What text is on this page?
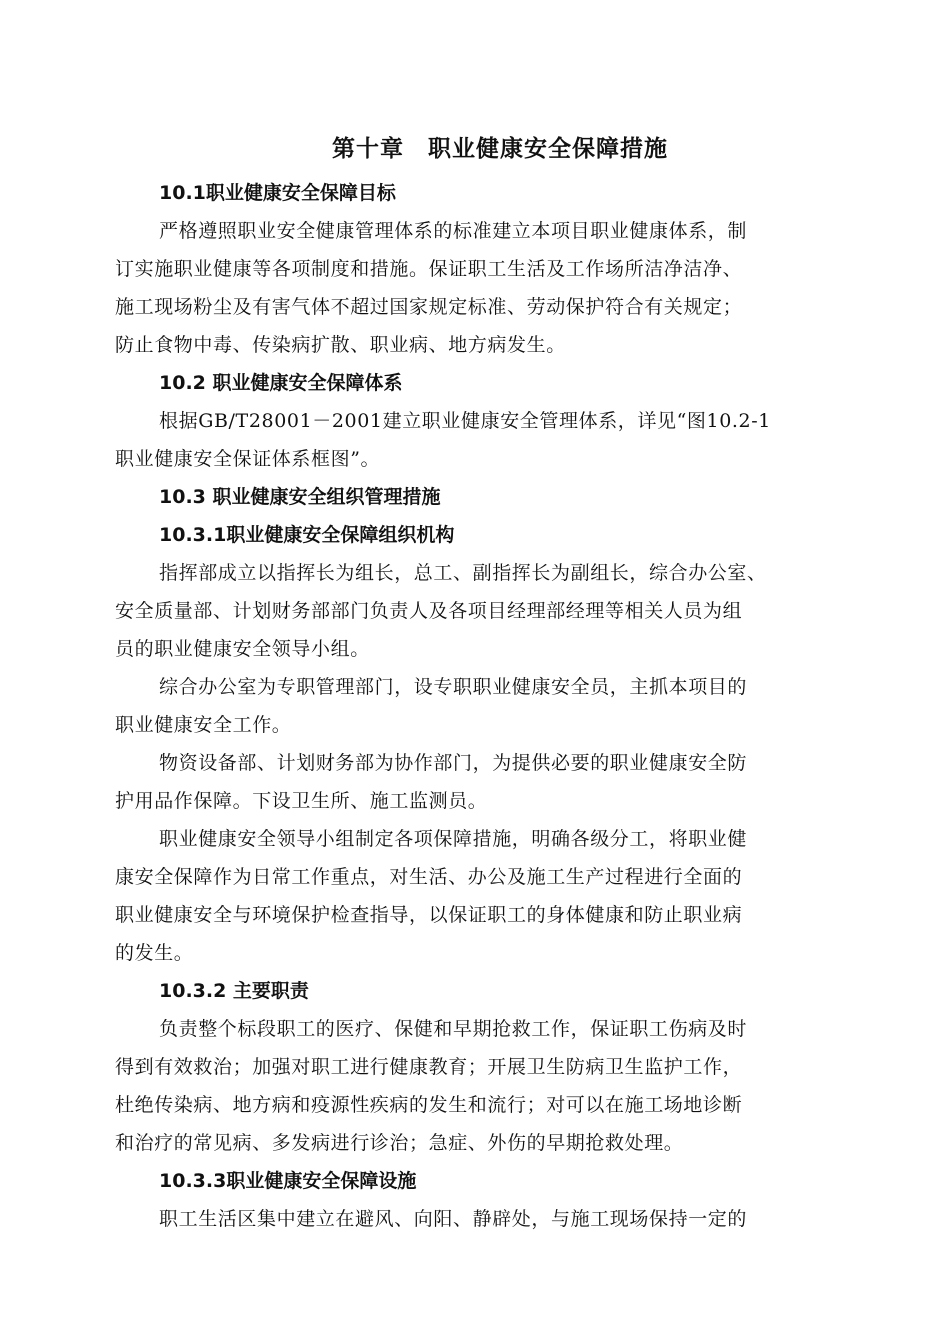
第十章　职业健康安全保障措施
10.1职业健康安全保障目标
严格遵照职业安全健康管理体系的标准建立本项目职业健康体系，制
订实施职业健康等各项制度和措施。保证职工生活及工作场所洁净洁净、
施工现场粉尘及有害气体不超过国家规定标准、劳动保护符合有关规定；
防止食物中毒、传染病扩散、职业病、地方病发生。
10.2 职业健康安全保障体系
根据GB/T28001－2001建立职业健康安全管理体系，详见“图10.2-1
职业健康安全保证体系框图”。
10.3 职业健康安全组织管理措施
10.3.1职业健康安全保障组织机构
指挥部成立以指挥长为组长，总工、副指挥长为副组长，综合办公室、
安全质量部、计划财务部部门负责人及各项目经理部经理等相关人员为组
员的职业健康安全领导小组。
综合办公室为专职管理部门，设专职职业健康安全员，主抓本项目的
职业健康安全工作。
物资设备部、计划财务部为协作部门，为提供必要的职业健康安全防
护用品作保障。下设卫生所、施工监测员。
职业健康安全领导小组制定各项保障措施，明确各级分工，将职业健
康安全保障作为日常工作重点，对生活、办公及施工生产过程进行全面的
职业健康安全与环境保护检查指导，以保证职工的身体健康和防止职业病
的发生。
10.3.2 主要职责
负责整个标段职工的医疗、保健和早期抢救工作，保证职工伤病及时
得到有效救治；加强对职工进行健康教育；开展卫生防病卫生监护工作，
杜绝传染病、地方病和疫源性疾病的发生和流行；对可以在施工场地诊断
和治疗的常见病、多发病进行诊治；急症、外伤的早期抢救处理。
10.3.3职业健康安全保障设施
职工生活区集中建立在避风、向阳、静辟处，与施工现场保持一定的
